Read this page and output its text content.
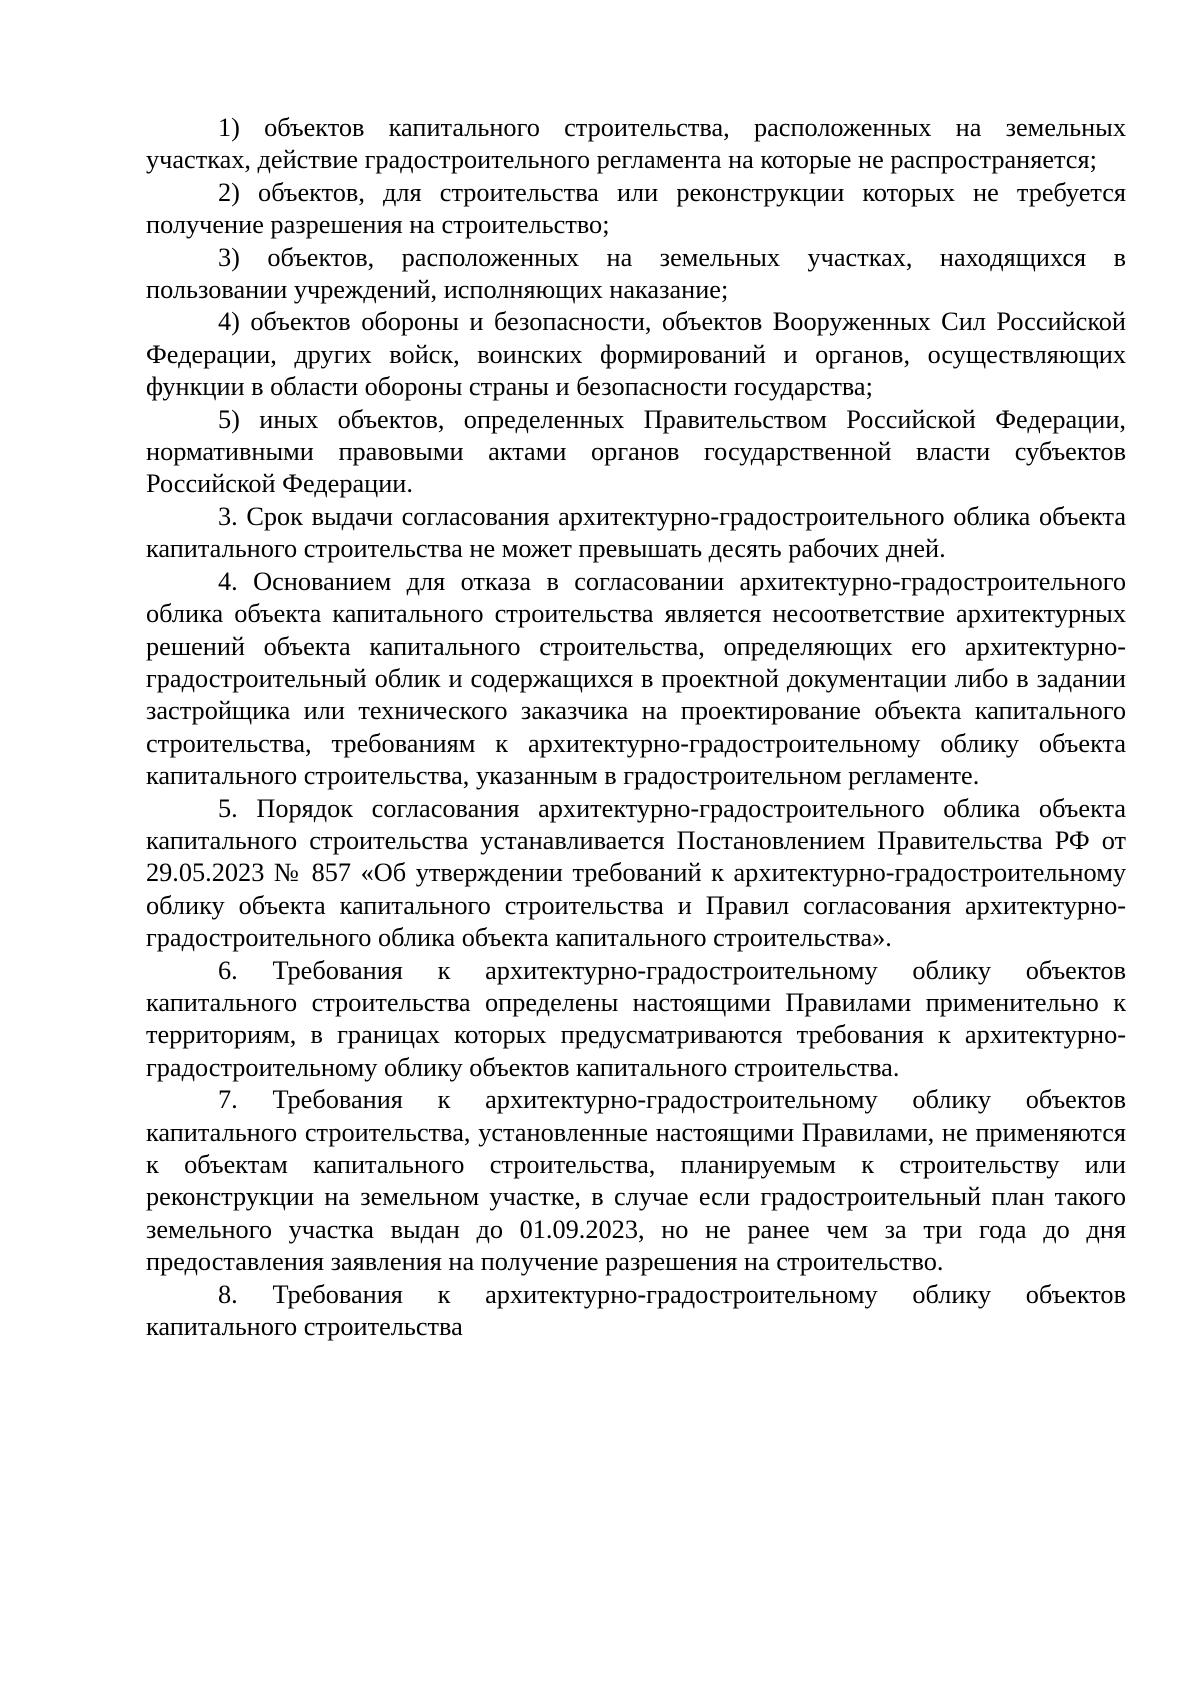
1) объектов капитального строительства, расположенных на земельных участках, действие градостроительного регламента на которые не распространяется;

2) объектов, для строительства или реконструкции которых не требуется получение разрешения на строительство;

3) объектов, расположенных на земельных участках, находящихся в пользовании учреждений, исполняющих наказание;

4) объектов обороны и безопасности, объектов Вооруженных Сил Российской Федерации, других войск, воинских формирований и органов, осуществляющих функции в области обороны страны и безопасности государства;

5) иных объектов, определенных Правительством Российской Федерации, нормативными правовыми актами органов государственной власти субъектов Российской Федерации.

3. Срок выдачи согласования архитектурно-градостроительного облика объекта капитального строительства не может превышать десять рабочих дней.

4. Основанием для отказа в согласовании архитектурно-градостроительного облика объекта капитального строительства является несоответствие архитектурных решений объекта капитального строительства, определяющих его архитектурно-градостроительный облик и содержащихся в проектной документации либо в задании застройщика или технического заказчика на проектирование объекта капитального строительства, требованиям к архитектурно-градостроительному облику объекта капитального строительства, указанным в градостроительном регламенте.

5. Порядок согласования архитектурно-градостроительного облика объекта капитального строительства устанавливается Постановлением Правительства РФ от 29.05.2023 № 857 «Об утверждении требований к архитектурно-градостроительному облику объекта капитального строительства и Правил согласования архитектурно-градостроительного облика объекта капитального строительства».

6. Требования к архитектурно-градостроительному облику объектов капитального строительства определены настоящими Правилами применительно к территориям, в границах которых предусматриваются требования к архитектурно-градостроительному облику объектов капитального строительства.

7. Требования к архитектурно-градостроительному облику объектов капитального строительства, установленные настоящими Правилами, не применяются к объектам капитального строительства, планируемым к строительству или реконструкции на земельном участке, в случае если градостроительный план такого земельного участка выдан до 01.09.2023, но не ранее чем за три года до дня предоставления заявления на получение разрешения на строительство.

8. Требования к архитектурно-градостроительному облику объектов капитального строительства
